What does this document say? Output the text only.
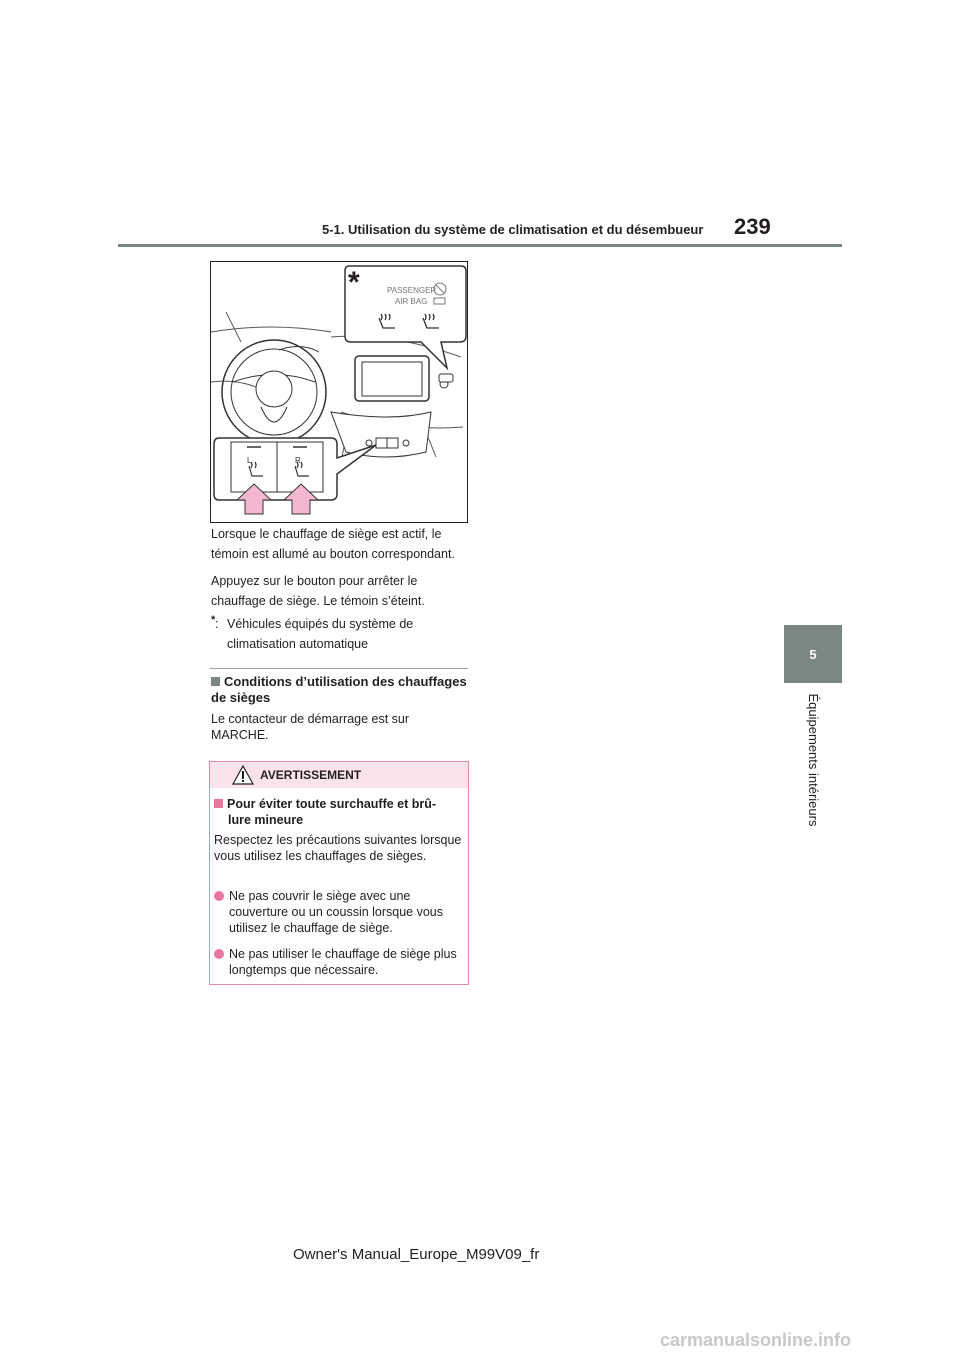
5-1. Utilisation du système de climatisation et du désembueur 239
5
Équipements intérieurs
*	PASSENGER
AIR BAG
L	R
Lorsque le chauffage de siège est actif, le témoin est allumé au bouton correspondant.
Appuyez sur le bouton pour arrêter le chauffage de siège. Le témoin s’éteint.
* : Véhicules équipés du système de climatisation automatique
Conditions d’utilisation des chauffages de sièges
Le contacteur de démarrage est sur MARCHE.
AVERTISSEMENT
Pour éviter toute surchauffe et brû-
lure mineure
Respectez les précautions suivantes lorsque vous utilisez les chauffages de sièges.
Ne pas couvrir le siège avec une couverture ou un coussin lorsque vous utilisez le chauffage de siège.
Ne pas utiliser le chauffage de siège plus longtemps que nécessaire.
Owner's Manual_Europe_M99V09_fr
carmanualsonline.info
